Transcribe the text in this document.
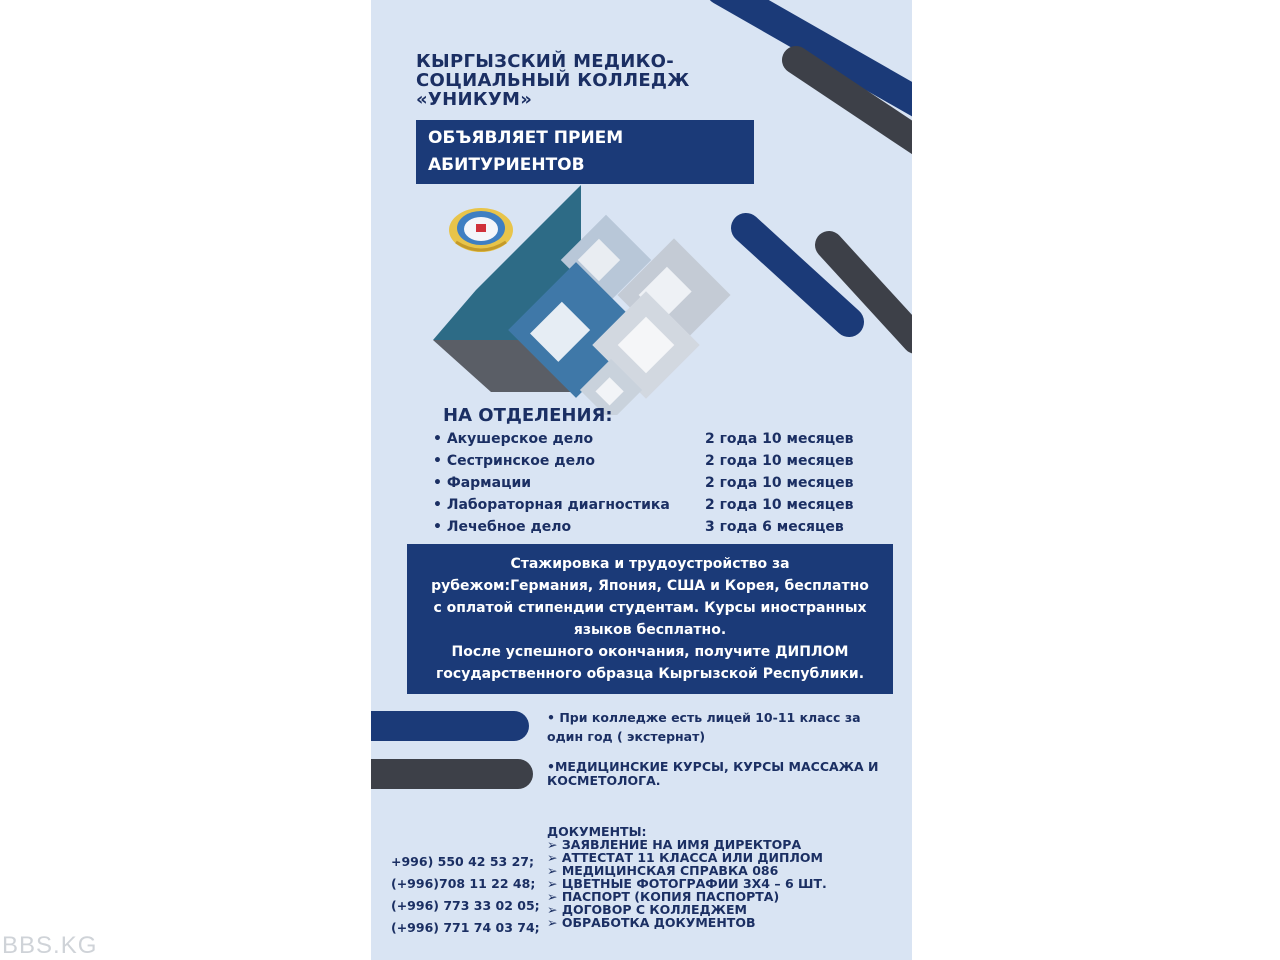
КЫРГЫЗСКИЙ МЕДИКО-
СОЦИАЛЬНЫЙ КОЛЛЕДЖ
«УНИКУМ»
ОБЪЯВЛЯЕТ ПРИЕМ
АБИТУРИЕНТОВ
НА ОТДЕЛЕНИЯ:
• Акушерское дело	2 года 10 месяцев
• Сестринское дело	2 года 10 месяцев
• Фармации	2 года 10 месяцев
• Лабораторная диагностика	2 года 10 месяцев
• Лечебное дело	3 года 6 месяцев
Стажировка и трудоустройство за
рубежом:Германия, Япония, США и Корея, бесплатно
с оплатой стипендии студентам. Курсы иностранных
языков бесплатно.
После успешного окончания, получите ДИПЛОМ
государственного образца Кыргызской Республики.
• При колледже есть лицей 10-11 класс за
один год ( экстернат)
•МЕДИЦИНСКИЕ КУРСЫ, КУРСЫ МАССАЖА И
КОСМЕТОЛОГА.
+996) 550 42 53 27;
(+996)708 11 22 48;
(+996) 773 33 02 05;
(+996) 771 74 03 74;
ДОКУМЕНТЫ:
➢ ЗАЯВЛЕНИЕ НА ИМЯ ДИРЕКТОРА
➢ АТТЕСТАТ 11 КЛАССА ИЛИ ДИПЛОМ
➢ МЕДИЦИНСКАЯ СПРАВКА 086
➢ ЦВЕТНЫЕ ФОТОГРАФИИ 3Х4 – 6 ШТ.
➢ ПАСПОРТ (КОПИЯ ПАСПОРТА)
➢ ДОГОВОР С КОЛЛЕДЖЕМ
➢ ОБРАБОТКА ДОКУМЕНТОВ
BBS.KG
